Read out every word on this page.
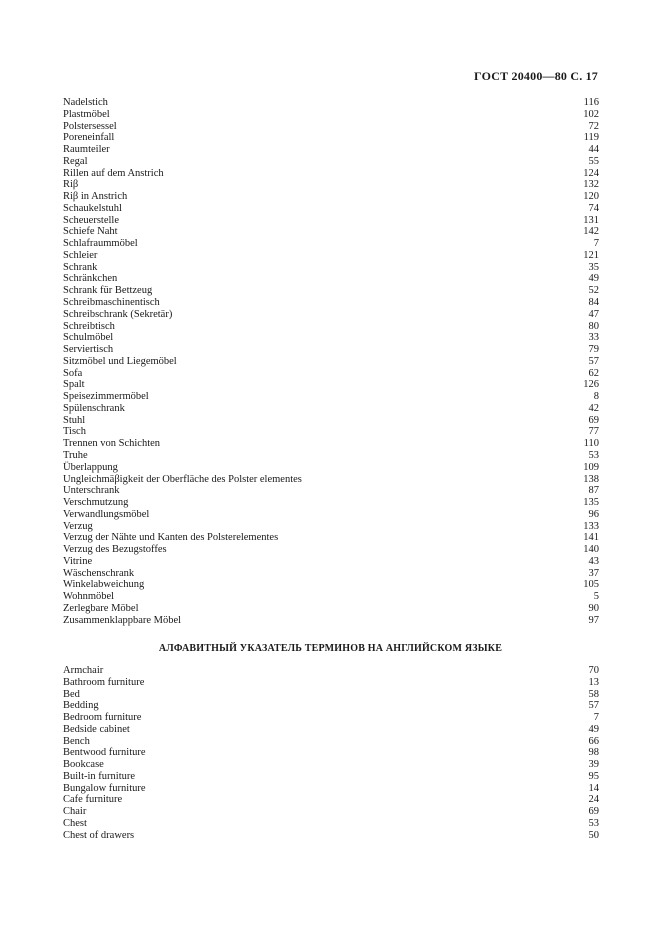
ГОСТ 20400—80 С. 17
Nadelstich	116
Plastmöbel	102
Polstersessel	72
Poreneinfall	119
Raumteiler	44
Regal	55
Rillen auf dem Anstrich	124
Riβ	132
Riβ in Anstrich	120
Schaukelstuhl	74
Scheuerstelle	131
Schiefe Naht	142
Schlafraummöbel	7
Schleier	121
Schrank	35
Schränkchen	49
Schrank für Bettzeug	52
Schreibmaschinentisch	84
Schreibschrank (Sekretär)	47
Schreibtisch	80
Schulmöbel	33
Serviertisch	79
Sitzmöbel und Liegemöbel	57
Sofa	62
Spalt	126
Speisezimmermöbel	8
Spülenschrank	42
Stuhl	69
Tisch	77
Trennen von Schichten	110
Truhe	53
Überlappung	109
Ungleichmäβigkeit der Oberfläche des Polster elementes	138
Unterschrank	87
Verschmutzung	135
Verwandlungsmöbel	96
Verzug	133
Verzug der Nähte und Kanten des Polsterelementes	141
Verzug des Bezugstoffes	140
Vitrine	43
Wäschenschrank	37
Winkelabweichung	105
Wohnmöbel	5
Zerlegbare Möbel	90
Zusammenklappbare Möbel	97
АЛФАВИТНЫЙ УКАЗАТЕЛЬ ТЕРМИНОВ НА АНГЛИЙСКОМ ЯЗЫКЕ
Armchair	70
Bathroom furniture	13
Bed	58
Bedding	57
Bedroom furniture	7
Bedside cabinet	49
Bench	66
Bentwood furniture	98
Bookcase	39
Built-in furniture	95
Bungalow furniture	14
Cafe furniture	24
Chair	69
Chest	53
Chest of drawers	50
